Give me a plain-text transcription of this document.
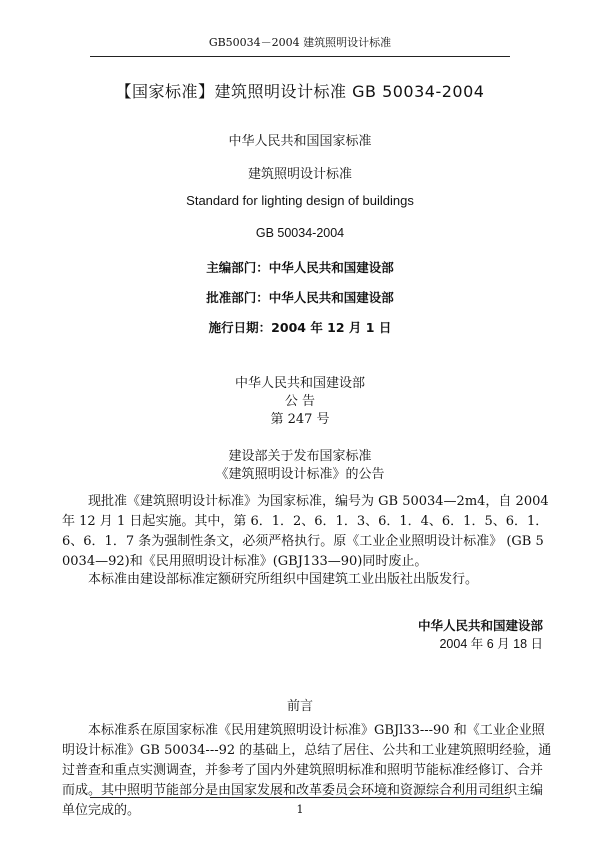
GB50034－2004 建筑照明设计标准
【国家标准】建筑照明设计标准 GB 50034-2004
中华人民共和国国家标准
建筑照明设计标准
Standard for lighting design of buildings
GB 50034-2004
主编部门：中华人民共和国建设部
批准部门：中华人民共和国建设部
施行日期：2004 年 12 月 1 日
中华人民共和国建设部
公 告
第 247 号
建设部关于发布国家标准
《建筑照明设计标准》的公告

现批准《建筑照明设计标准》为国家标准，编号为 GB 50034—2m4，自 2004 年 12 月 1 日起实施。其中，第 6．1．2、6．1．3、6．1．4、6．1．5、6．1．6、6．1．7 条为强制性条文，必须严格执行。原《工业企业照明设计标准》 (GB 50034—92)和《民用照明设计标准》(GBJ133—90)同时废止。

本标准由建设部标准定额研究所组织中国建筑工业出版社出版发行。

中华人民共和国建设部
2004 年 6 月 18 日
前言

本标准系在原国家标准《民用建筑照明设计标准》GBJl33---90 和《工业企业照明设计标准》GB 50034---92 的基础上，总结了居住、公共和工业建筑照明经验，通过普查和重点实测调查，并参考了国内外建筑照明标准和照明节能标准经修订、合并而成。其中照明节能部分是由国家发展和改革委员会环境和资源综合利用司组织主编单位完成的。	1
